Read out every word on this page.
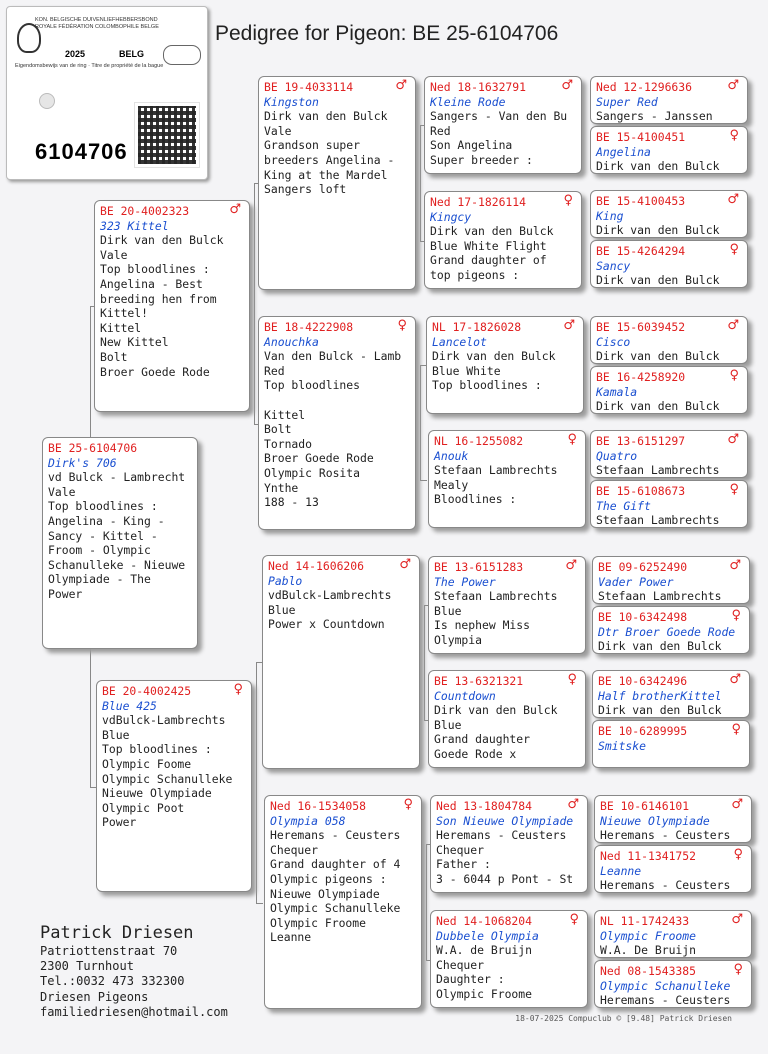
Pedigree for Pigeon: BE 25-6104706
KON. BELGISCHE DUIVENLIEFHEBBERSBOND
ROYALE FÉDÉRATION COLOMBOPHILE BELGE
2025	BELG
Eigendomsbewijs van de ring · Titre de propriété de la bague
6104706
BE 25-6104706
Dirk's 706
vd Bulck - Lambrecht
Vale
Top bloodlines :
Angelina - King -
Sancy - Kittel -
Froom - Olympic
Schanulleke - Nieuwe
Olympiade - The
Power
BE 20-4002323	♂
323 Kittel
Dirk van den Bulck
Vale
Top bloodlines :
Angelina - Best
breeding hen from
Kittel!
Kittel
New Kittel
Bolt
Broer Goede Rode
BE 20-4002425	♀
Blue 425
vdBulck-Lambrechts
Blue
Top bloodlines :
Olympic Foome
Olympic Schanulleke
Nieuwe Olympiade
Olympic Poot
Power
BE 19-4033114	♂
Kingston
Dirk van den Bulck
Vale
Grandson super
breeders Angelina -
King at the Mardel
Sangers loft
BE 18-4222908	♀
Anouchka
Van den Bulck - Lamb
Red
Top bloodlines
Kittel
Bolt
Tornado
Broer Goede Rode
Olympic Rosita
Ynthe
188 - 13
Ned 14-1606206	♂
Pablo
vdBulck-Lambrechts
Blue
Power x Countdown
Ned 16-1534058	♀
Olympia 058
Heremans - Ceusters
Chequer
Grand daughter of 4
Olympic pigeons :
Nieuwe Olympiade
Olympic Schanulleke
Olympic Froome
Leanne
Ned 18-1632791	♂
Kleine Rode
Sangers - Van den Bu
Red
Son Angelina
Super breeder :
Ned 17-1826114	♀
Kingcy
Dirk van den Bulck
Blue White Flight
Grand daughter of
top pigeons :
NL 17-1826028	♂
Lancelot
Dirk van den Bulck
Blue White
Top bloodlines :
NL 16-1255082	♀
Anouk
Stefaan Lambrechts
Mealy
Bloodlines :
BE 13-6151283	♂
The Power
Stefaan Lambrechts
Blue
Is nephew Miss
Olympia
BE 13-6321321	♀
Countdown
Dirk van den Bulck
Blue
Grand daughter
Goede Rode x
Ned 13-1804784	♂
Son Nieuwe Olympiade
Heremans - Ceusters
Chequer
Father :
3 - 6044 p Pont - St
Ned 14-1068204	♀
Dubbele Olympia
W.A. de Bruijn
Chequer
Daughter :
Olympic Froome
Ned 12-1296636	♂
Super Red
Sangers - Janssen
BE 15-4100451	♀
Angelina
Dirk van den Bulck
BE 15-4100453	♂
King
Dirk van den Bulck
BE 15-4264294	♀
Sancy
Dirk van den Bulck
BE 15-6039452	♂
Cisco
Dirk van den Bulck
BE 16-4258920	♀
Kamala
Dirk van den Bulck
BE 13-6151297	♂
Quatro
Stefaan Lambrechts
BE 15-6108673	♀
The Gift
Stefaan Lambrechts
BE 09-6252490	♂
Vader Power
Stefaan Lambrechts
BE 10-6342498	♀
Dtr Broer Goede Rode
Dirk van den Bulck
BE 10-6342496	♂
Half brotherKittel
Dirk van den Bulck
BE 10-6289995	♀
Smitske
BE 10-6146101	♂
Nieuwe Olympiade
Heremans - Ceusters
Ned 11-1341752	♀
Leanne
Heremans - Ceusters
NL 11-1742433	♂
Olympic Froome
W.A. De Bruijn
Ned 08-1543385	♀
Olympic Schanulleke
Heremans - Ceusters
Patrick Driesen
Patriottenstraat 70
2300 Turnhout
Tel.:0032 473 332300
Driesen Pigeons
familiedriesen@hotmail.com	18-07-2025 Compuclub © [9.48] Patrick Driesen
